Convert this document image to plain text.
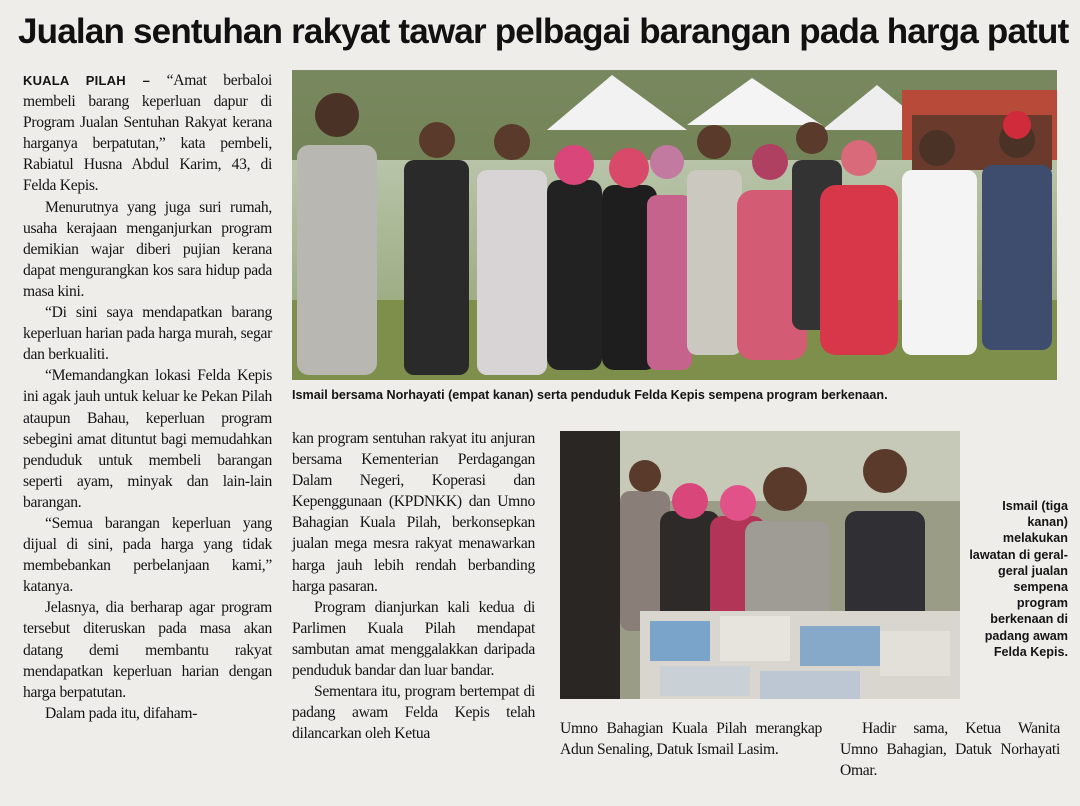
Jualan sentuhan rakyat tawar pelbagai barangan pada harga patut

KUALA PILAH – “Amat berbaloi membeli barang keperluan dapur di Program Jualan Sentuhan Rakyat kerana harganya berpatutan,” kata pembeli, Rabiatul Husna Abdul Karim, 43, di Felda Kepis.

Menurutnya yang juga suri rumah, usaha kerajaan menganjurkan program demikian wajar diberi pujian kerana dapat mengurangkan kos sara hidup pada masa kini.

“Di sini saya mendapatkan barang keperluan harian pada harga murah, segar dan berkualiti.

“Memandangkan lokasi Felda Kepis ini agak jauh untuk keluar ke Pekan Pilah ataupun Bahau, keperluan program sebegini amat dituntut bagi memudahkan penduduk untuk membeli barangan seperti ayam, minyak dan lain-lain barangan.

“Semua barangan keperluan yang dijual di sini, pada harga yang tidak membebankan perbelanjaan kami,” katanya.

Jelasnya, dia berharap agar program tersebut diteruskan pada masa akan datang demi membantu rakyat mendapatkan keperluan harian dengan harga berpatutan.

Dalam pada itu, difaham-

Ismail bersama Norhayati (empat kanan) serta penduduk Felda Kepis sempena program berkenaan.

kan program sentuhan rakyat itu anjuran bersama Kementerian Perdagangan Dalam Negeri, Koperasi dan Kepenggunaan (KPDNKK) dan Umno Bahagian Kuala Pilah, berkonsepkan jualan mega mesra rakyat menawarkan harga jauh lebih rendah berbanding harga pasaran.

Program dianjurkan kali kedua di Parlimen Kuala Pilah mendapat sambutan amat menggalakkan daripada penduduk bandar dan luar bandar.

Sementara itu, program bertempat di padang awam Felda Kepis telah dilancarkan oleh Ketua

Ismail (tiga kanan) melakukan lawatan di geral-geral jualan sempena program berkenaan di padang awam Felda Kepis.

Umno Bahagian Kuala Pilah merangkap Adun Senaling, Datuk Ismail Lasim.

Hadir sama, Ketua Wanita Umno Bahagian, Datuk Norhayati Omar.
